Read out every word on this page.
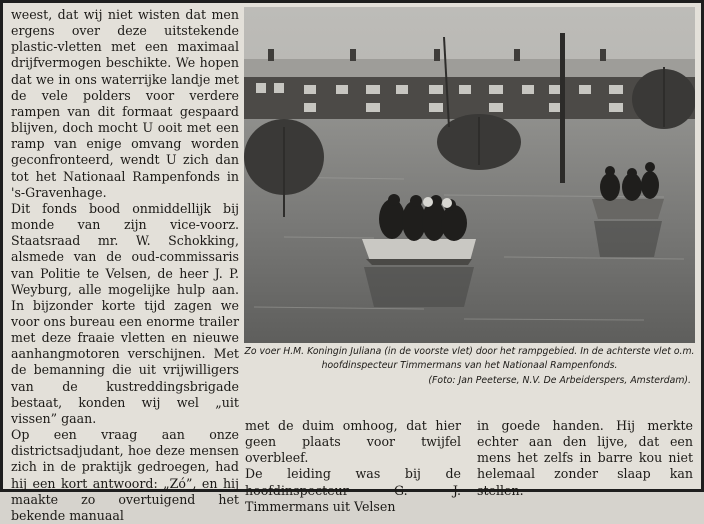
weest, dat wij niet wisten dat men ergens over deze uitstekende plastic-vletten met een maximaal drijfvermogen beschikte. We hopen dat we in ons waterrijke landje met de vele polders voor verdere rampen van dit formaat gespaard blijven, doch mocht U ooit met een ramp van enige omvang worden geconfronteerd, wendt U zich dan tot het Nationaal Rampenfonds in 's-Gravenhage.

Dit fonds bood onmiddellijk bij monde van zijn vice-voorz. Staatsraad mr. W. Schokking, alsmede van de oud-commissaris van Politie te Velsen, de heer J. P. Weyburg, alle mogelijke hulp aan. In bijzonder korte tijd zagen we voor ons bureau een enorme trailer met deze fraaie vletten en nieuwe aanhangmotoren verschijnen. Met de bemanning die uit vrijwilligers van de kustreddingsbrigade bestaat, konden wij wel „uit vissen” gaan.

Op een vraag aan onze districtsadjudant, hoe deze mensen zich in de praktijk gedroegen, had hij een kort antwoord: „Zó”, en hij maakte zo overtuigend het bekende manuaal

Zo voer H.M. Koningin Juliana (in de voorste vlet) door het rampgebied. In de achterste vlet o.m. hoofdinspecteur Timmermans van het Nationaal Rampenfonds.
(Foto: Jan Peeterse, N.V. De Arbeiderspers, Amsterdam).

met de duim omhoog, dat hier geen plaats voor twijfel overbleef.

De leiding was bij de hoofdinspecteur G. J. Timmermans uit Velsen

in goede handen. Hij merkte echter aan den lijve, dat een mens het zelfs in barre kou niet helemaal zonder slaap kan stellen.
